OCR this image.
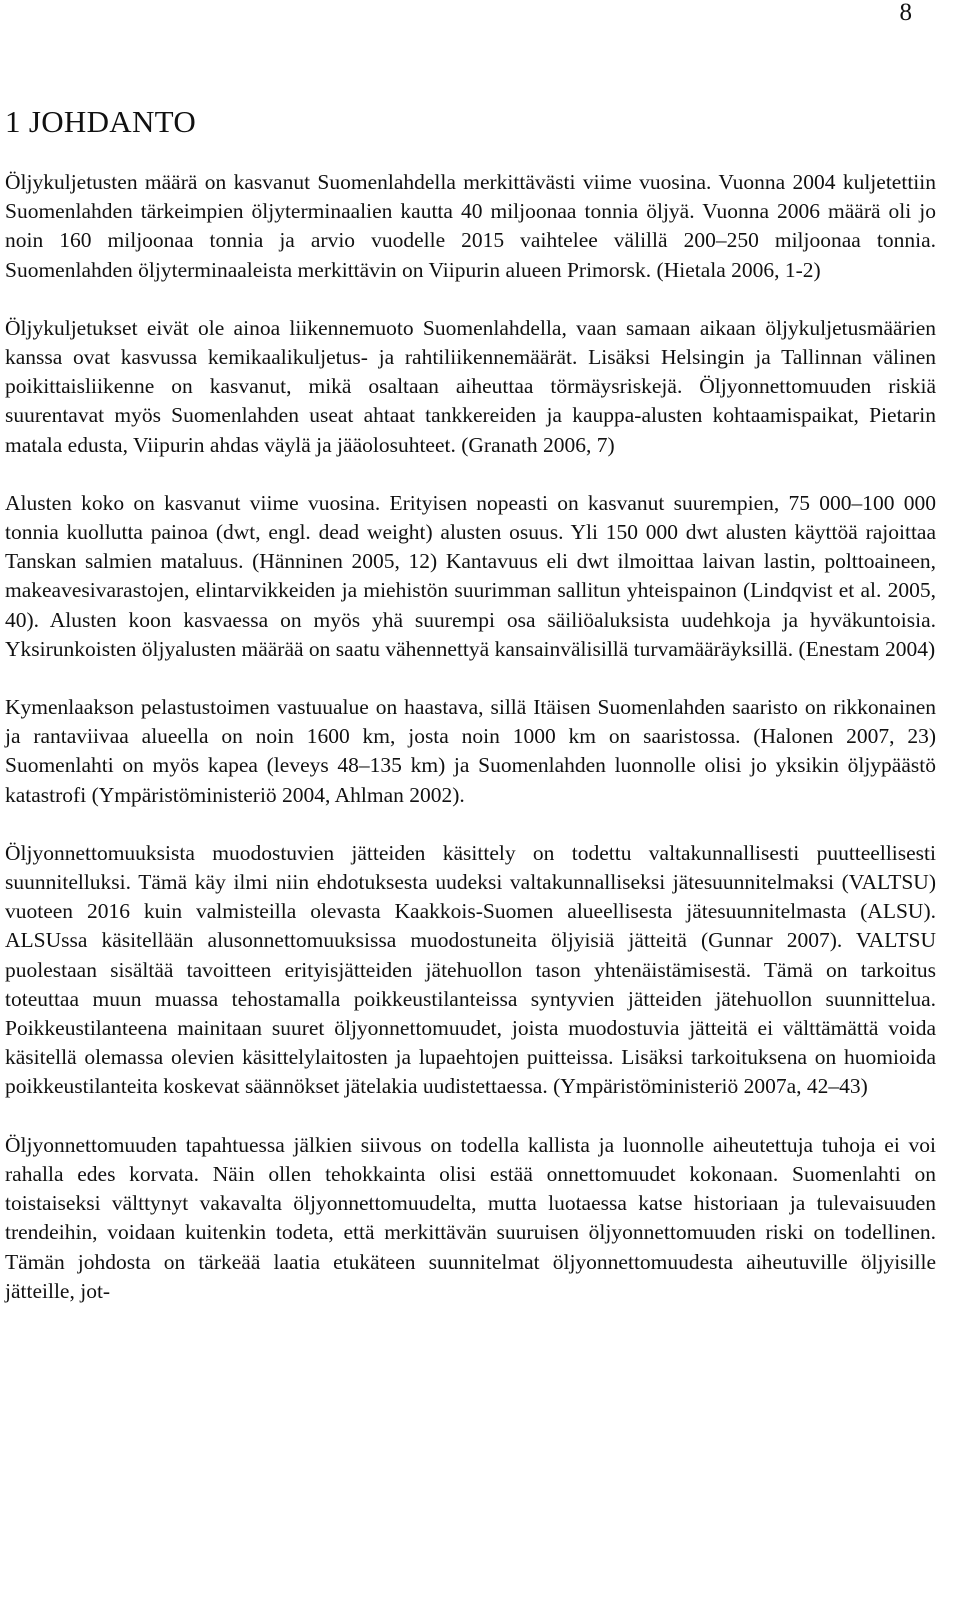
8
1 JOHDANTO

Öljykuljetusten määrä on kasvanut Suomenlahdella merkittävästi viime vuosina. Vuonna 2004 kuljetettiin Suomenlahden tärkeimpien öljyterminaalien kautta 40 miljoonaa tonnia öljyä. Vuonna 2006 määrä oli jo noin 160 miljoonaa tonnia ja arvio vuodelle 2015 vaihtelee välillä 200–250 miljoonaa tonnia. Suomenlahden öljyterminaaleista merkittävin on Viipurin alueen Primorsk. (Hietala 2006, 1-2)

Öljykuljetukset eivät ole ainoa liikennemuoto Suomenlahdella, vaan samaan aikaan öljykuljetusmäärien kanssa ovat kasvussa kemikaalikuljetus- ja rahtiliikennemäärät. Lisäksi Helsingin ja Tallinnan välinen poikittaisliikenne on kasvanut, mikä osaltaan aiheuttaa törmäysriskejä. Öljyonnettomuuden riskiä suurentavat myös Suomenlahden useat ahtaat tankkereiden ja kauppa-alusten kohtaamispaikat, Pietarin matala edusta, Viipurin ahdas väylä ja jääolosuhteet. (Granath 2006, 7)

Alusten koko on kasvanut viime vuosina. Erityisen nopeasti on kasvanut suurempien, 75 000–100 000 tonnia kuollutta painoa (dwt, engl. dead weight) alusten osuus. Yli 150 000 dwt alusten käyttöä rajoittaa Tanskan salmien mataluus. (Hänninen 2005, 12) Kantavuus eli dwt ilmoittaa laivan lastin, polttoaineen, makeavesivarastojen, elintarvikkeiden ja miehistön suurimman sallitun yhteispainon (Lindqvist et al. 2005, 40). Alusten koon kasvaessa on myös yhä suurempi osa säiliöaluksista uudehkoja ja hyväkuntoisia. Yksirunkoisten öljyalusten määrää on saatu vähennettyä kansainvälisillä turvamääräyksillä. (Enestam 2004)

Kymenlaakson pelastustoimen vastuualue on haastava, sillä Itäisen Suomenlahden saaristo on rikkonainen ja rantaviivaa alueella on noin 1600 km, josta noin 1000 km on saaristossa. (Halonen 2007, 23) Suomenlahti on myös kapea (leveys 48–135 km) ja Suomenlahden luonnolle olisi jo yksikin öljypäästö katastrofi (Ympäristöministeriö 2004, Ahlman 2002).

Öljyonnettomuuksista muodostuvien jätteiden käsittely on todettu valtakunnallisesti puutteellisesti suunnitelluksi. Tämä käy ilmi niin ehdotuksesta uudeksi valtakunnalliseksi jätesuunnitelmaksi (VALTSU) vuoteen 2016 kuin valmisteilla olevasta Kaakkois-Suomen alueellisesta jätesuunnitelmasta (ALSU). ALSUssa käsitellään alusonnettomuuksissa muodostuneita öljyisiä jätteitä (Gunnar 2007). VALTSU puolestaan sisältää tavoitteen erityisjätteiden jätehuollon tason yhtenäistämisestä. Tämä on tarkoitus toteuttaa muun muassa tehostamalla poikkeustilanteissa syntyvien jätteiden jätehuollon suunnittelua. Poikkeustilanteena mainitaan suuret öljyonnettomuudet, joista muodostuvia jätteitä ei välttämättä voida käsitellä olemassa olevien käsittelylaitosten ja lupaehtojen puitteissa. Lisäksi tarkoituksena on huomioida poikkeustilanteita koskevat säännökset jätelakia uudistettaessa. (Ympäristöministeriö 2007a, 42–43)

Öljyonnettomuuden tapahtuessa jälkien siivous on todella kallista ja luonnolle aiheutettuja tuhoja ei voi rahalla edes korvata. Näin ollen tehokkainta olisi estää onnettomuudet kokonaan. Suomenlahti on toistaiseksi välttynyt vakavalta öljyonnettomuudelta, mutta luotaessa katse historiaan ja tulevaisuuden trendeihin, voidaan kuitenkin todeta, että merkittävän suuruisen öljyonnettomuuden riski on todellinen. Tämän johdosta on tärkeää laatia etukäteen suunnitelmat öljyonnettomuudesta aiheutuville öljyisille jätteille, jot-
